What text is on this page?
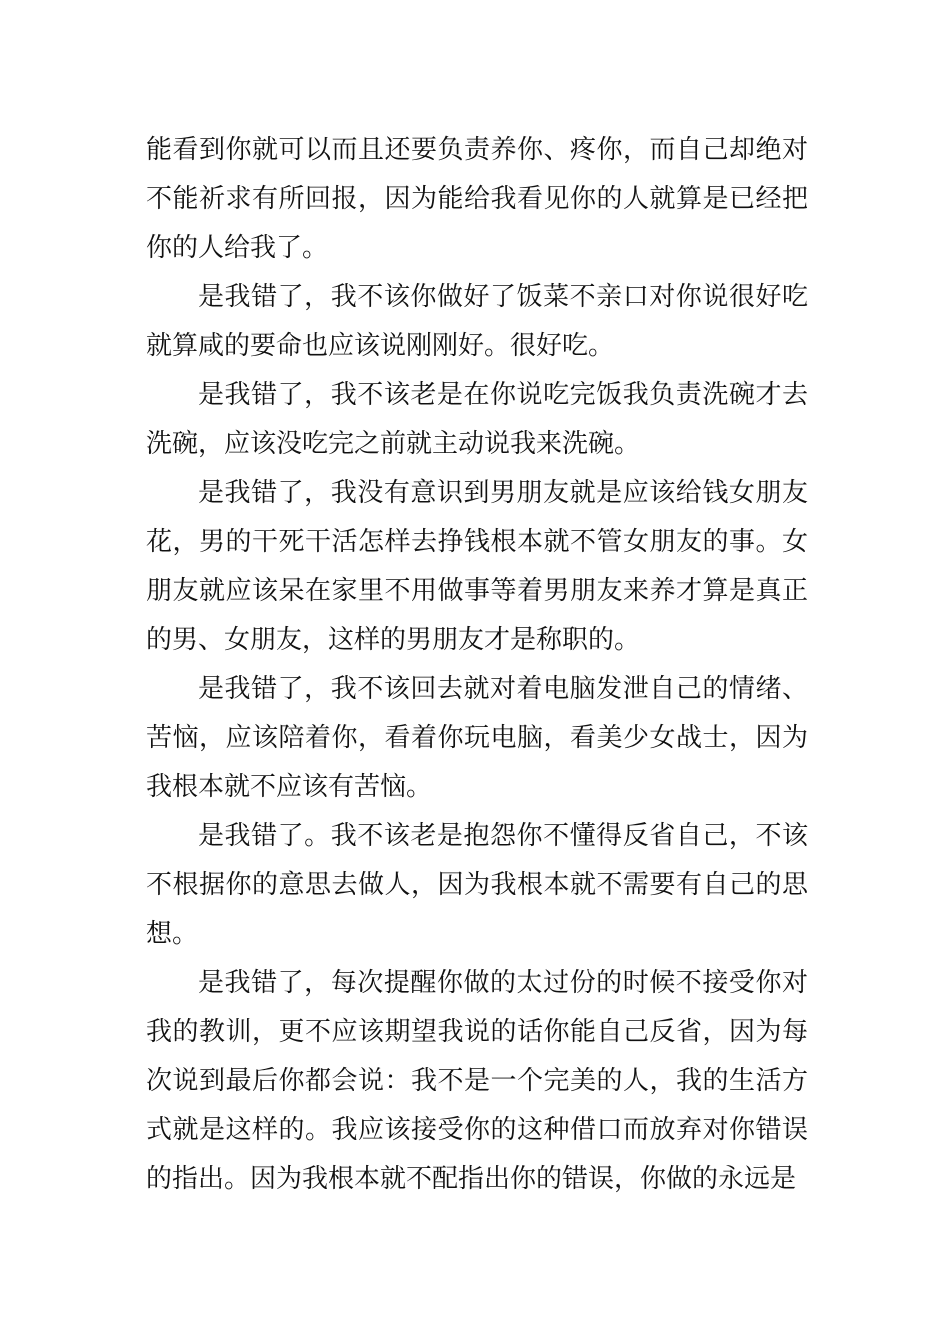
能看到你就可以而且还要负责养你、疼你，而自己却绝对不能祈求有所回报，因为能给我看见你的人就算是已经把你的人给我了。

是我错了，我不该你做好了饭菜不亲口对你说很好吃就算咸的要命也应该说刚刚好。很好吃。

是我错了，我不该老是在你说吃完饭我负责洗碗才去洗碗，应该没吃完之前就主动说我来洗碗。

是我错了，我没有意识到男朋友就是应该给钱女朋友花，男的干死干活怎样去挣钱根本就不管女朋友的事。女朋友就应该呆在家里不用做事等着男朋友来养才算是真正的男、女朋友，这样的男朋友才是称职的。

是我错了，我不该回去就对着电脑发泄自己的情绪、苦恼，应该陪着你，看着你玩电脑，看美少女战士，因为我根本就不应该有苦恼。

是我错了。我不该老是抱怨你不懂得反省自己，不该不根据你的意思去做人，因为我根本就不需要有自己的思想。

是我错了，每次提醒你做的太过份的时候不接受你对我的教训，更不应该期望我说的话你能自己反省，因为每次说到最后你都会说：我不是一个完美的人，我的生活方式就是这样的。我应该接受你的这种借口而放弃对你错误的指出。因为我根本就不配指出你的错误，你做的永远是
